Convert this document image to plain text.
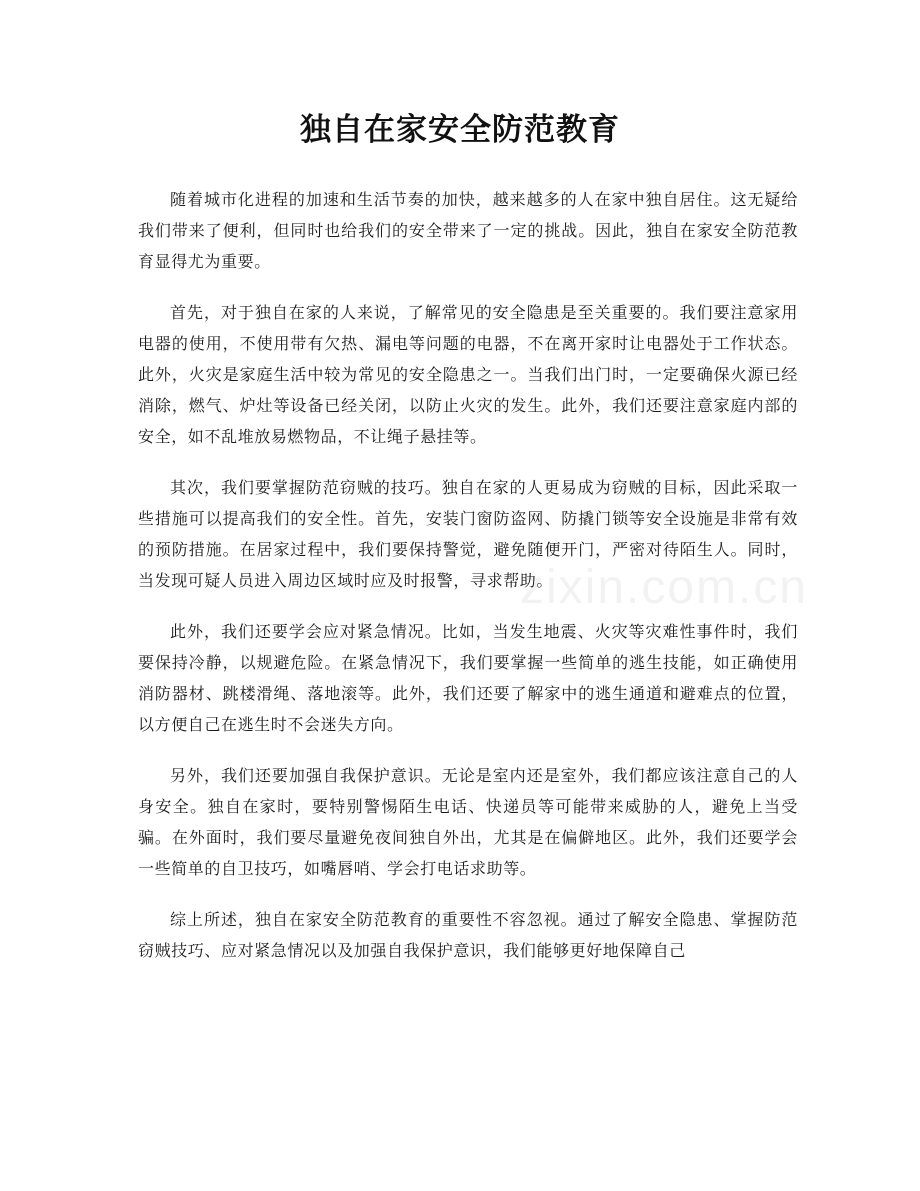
独自在家安全防范教育

随着城市化进程的加速和生活节奏的加快，越来越多的人在家中独自居住。这无疑给我们带来了便利，但同时也给我们的安全带来了一定的挑战。因此，独自在家安全防范教育显得尤为重要。

首先，对于独自在家的人来说，了解常见的安全隐患是至关重要的。我们要注意家用电器的使用，不使用带有欠热、漏电等问题的电器，不在离开家时让电器处于工作状态。此外，火灾是家庭生活中较为常见的安全隐患之一。当我们出门时，一定要确保火源已经消除，燃气、炉灶等设备已经关闭，以防止火灾的发生。此外，我们还要注意家庭内部的安全，如不乱堆放易燃物品，不让绳子悬挂等。

其次，我们要掌握防范窃贼的技巧。独自在家的人更易成为窃贼的目标，因此采取一些措施可以提高我们的安全性。首先，安装门窗防盗网、防撬门锁等安全设施是非常有效的预防措施。在居家过程中，我们要保持警觉，避免随便开门，严密对待陌生人。同时，当发现可疑人员进入周边区域时应及时报警，寻求帮助。

此外，我们还要学会应对紧急情况。比如，当发生地震、火灾等灾难性事件时，我们要保持冷静，以规避危险。在紧急情况下，我们要掌握一些简单的逃生技能，如正确使用消防器材、跳楼滑绳、落地滚等。此外，我们还要了解家中的逃生通道和避难点的位置，以方便自己在逃生时不会迷失方向。

另外，我们还要加强自我保护意识。无论是室内还是室外，我们都应该注意自己的人身安全。独自在家时，要特别警惕陌生电话、快递员等可能带来威胁的人，避免上当受骗。在外面时，我们要尽量避免夜间独自外出，尤其是在偏僻地区。此外，我们还要学会一些简单的自卫技巧，如嘴唇哨、学会打电话求助等。

综上所述，独自在家安全防范教育的重要性不容忽视。通过了解安全隐患、掌握防范窃贼技巧、应对紧急情况以及加强自我保护意识，我们能够更好地保障自己

zixin.com.cn
